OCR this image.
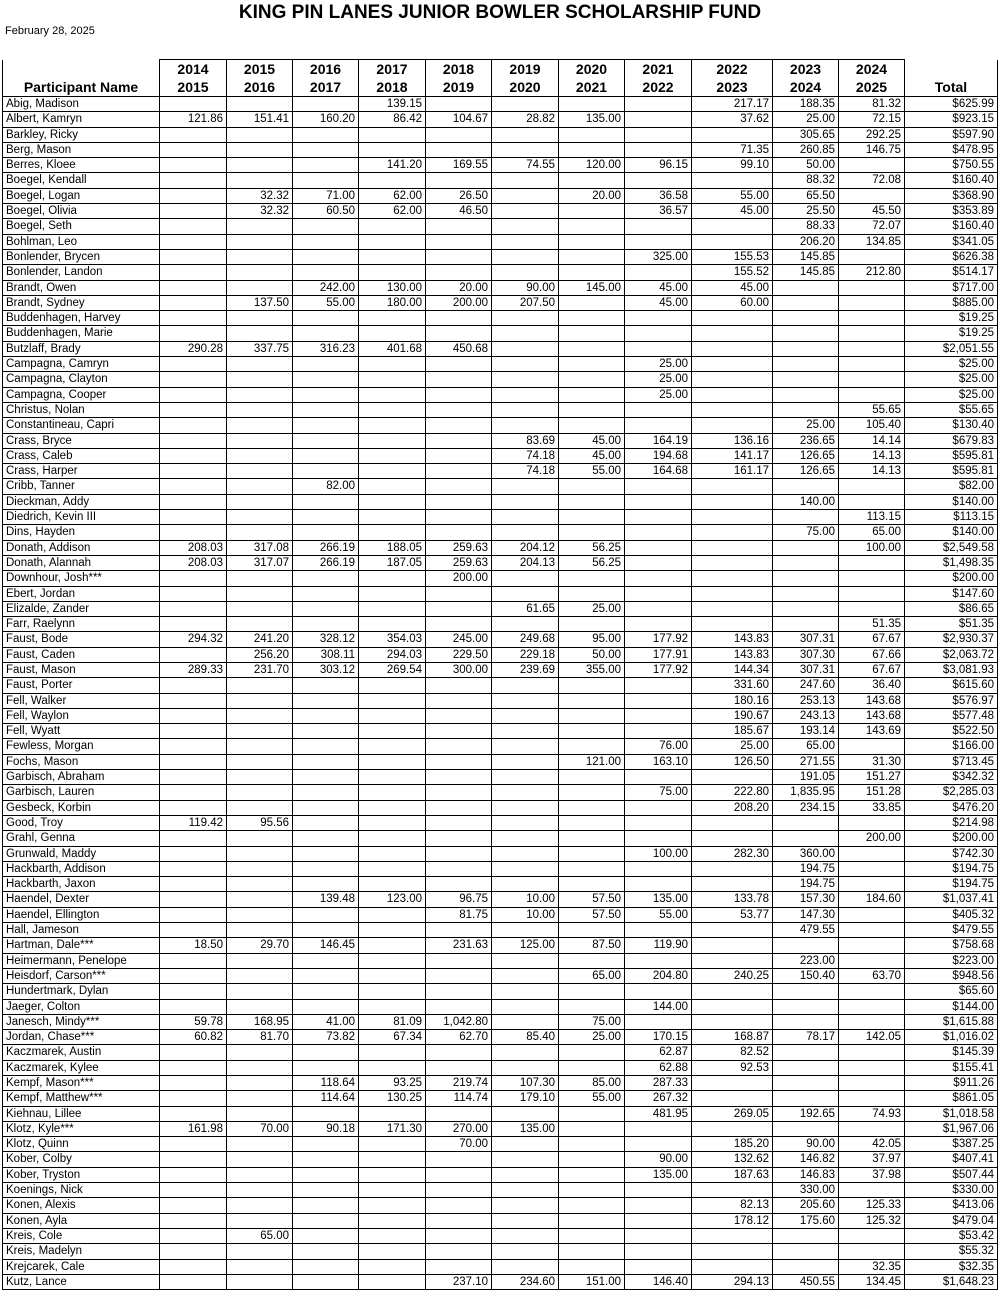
KING PIN LANES JUNIOR BOWLER SCHOLARSHIP FUND
February 28, 2025
	2014	2015	2016	2017	2018	2019	2020	2021	2022	2023	2024	
Participant Name	2015	2016	2017	2018	2019	2020	2021	2022	2023	2024	2025	Total
Abig, Madison				139.15					217.17	188.35	81.32	$625.99
Albert, Kamryn	121.86	151.41	160.20	86.42	104.67	28.82	135.00		37.62	25.00	72.15	$923.15
Barkley, Ricky										305.65	292.25	$597.90
Berg, Mason									71.35	260.85	146.75	$478.95
Berres, Kloee				141.20	169.55	74.55	120.00	96.15	99.10	50.00		$750.55
Boegel, Kendall										88.32	72.08	$160.40
Boegel, Logan		32.32	71.00	62.00	26.50		20.00	36.58	55.00	65.50		$368.90
Boegel, Olivia		32.32	60.50	62.00	46.50			36.57	45.00	25.50	45.50	$353.89
Boegel, Seth										88.33	72.07	$160.40
Bohlman, Leo										206.20	134.85	$341.05
Bonlender, Brycen								325.00	155.53	145.85		$626.38
Bonlender, Landon									155.52	145.85	212.80	$514.17
Brandt, Owen			242.00	130.00	20.00	90.00	145.00	45.00	45.00			$717.00
Brandt, Sydney		137.50	55.00	180.00	200.00	207.50		45.00	60.00			$885.00
Buddenhagen, Harvey												$19.25
Buddenhagen, Marie												$19.25
Butzlaff, Brady	290.28	337.75	316.23	401.68	450.68							$2,051.55
Campagna, Camryn								25.00				$25.00
Campagna, Clayton								25.00				$25.00
Campagna, Cooper								25.00				$25.00
Christus, Nolan											55.65	$55.65
Constantineau, Capri										25.00	105.40	$130.40
Crass, Bryce						83.69	45.00	164.19	136.16	236.65	14.14	$679.83
Crass, Caleb						74.18	45.00	194.68	141.17	126.65	14.13	$595.81
Crass, Harper						74.18	55.00	164.68	161.17	126.65	14.13	$595.81
Cribb, Tanner			82.00									$82.00
Dieckman, Addy										140.00		$140.00
Diedrich, Kevin III											113.15	$113.15
Dins, Hayden										75.00	65.00	$140.00
Donath, Addison	208.03	317.08	266.19	188.05	259.63	204.12	56.25				100.00	$2,549.58
Donath, Alannah	208.03	317.07	266.19	187.05	259.63	204.13	56.25					$1,498.35
Downhour, Josh***					200.00							$200.00
Ebert, Jordan												$147.60
Elizalde, Zander						61.65	25.00					$86.65
Farr, Raelynn											51.35	$51.35
Faust, Bode	294.32	241.20	328.12	354.03	245.00	249.68	95.00	177.92	143.83	307.31	67.67	$2,930.37
Faust, Caden		256.20	308.11	294.03	229.50	229.18	50.00	177.91	143.83	307.30	67.66	$2,063.72
Faust, Mason	289.33	231.70	303.12	269.54	300.00	239.69	355.00	177.92	144.34	307.31	67.67	$3,081.93
Faust, Porter									331.60	247.60	36.40	$615.60
Fell, Walker									180.16	253.13	143.68	$576.97
Fell, Waylon									190.67	243.13	143.68	$577.48
Fell, Wyatt									185.67	193.14	143.69	$522.50
Fewless, Morgan								76.00	25.00	65.00		$166.00
Fochs, Mason							121.00	163.10	126.50	271.55	31.30	$713.45
Garbisch, Abraham										191.05	151.27	$342.32
Garbisch, Lauren								75.00	222.80	1,835.95	151.28	$2,285.03
Gesbeck, Korbin									208.20	234.15	33.85	$476.20
Good, Troy	119.42	95.56										$214.98
Grahl, Genna											200.00	$200.00
Grunwald, Maddy								100.00	282.30	360.00		$742.30
Hackbarth, Addison										194.75		$194.75
Hackbarth, Jaxon										194.75		$194.75
Haendel, Dexter			139.48	123.00	96.75	10.00	57.50	135.00	133.78	157.30	184.60	$1,037.41
Haendel, Ellington					81.75	10.00	57.50	55.00	53.77	147.30		$405.32
Hall, Jameson										479.55		$479.55
Hartman, Dale***	18.50	29.70	146.45		231.63	125.00	87.50	119.90				$758.68
Heimermann, Penelope										223.00		$223.00
Heisdorf, Carson***							65.00	204.80	240.25	150.40	63.70	$948.56
Hundertmark, Dylan												$65.60
Jaeger, Colton								144.00				$144.00
Janesch, Mindy***	59.78	168.95	41.00	81.09	1,042.80		75.00					$1,615.88
Jordan, Chase***	60.82	81.70	73.82	67.34	62.70	85.40	25.00	170.15	168.87	78.17	142.05	$1,016.02
Kaczmarek, Austin								62.87	82.52			$145.39
Kaczmarek, Kylee								62.88	92.53			$155.41
Kempf, Mason***			118.64	93.25	219.74	107.30	85.00	287.33				$911.26
Kempf, Matthew***			114.64	130.25	114.74	179.10	55.00	267.32				$861.05
Kiehnau, Lillee								481.95	269.05	192.65	74.93	$1,018.58
Klotz, Kyle***	161.98	70.00	90.18	171.30	270.00	135.00						$1,967.06
Klotz, Quinn					70.00				185.20	90.00	42.05	$387.25
Kober, Colby								90.00	132.62	146.82	37.97	$407.41
Kober, Tryston								135.00	187.63	146.83	37.98	$507.44
Koenings, Nick										330.00		$330.00
Konen, Alexis									82.13	205.60	125.33	$413.06
Konen, Ayla									178.12	175.60	125.32	$479.04
Kreis, Cole		65.00										$53.42
Kreis, Madelyn												$55.32
Krejcarek, Cale											32.35	$32.35
Kutz, Lance					237.10	234.60	151.00	146.40	294.13	450.55	134.45	$1,648.23
